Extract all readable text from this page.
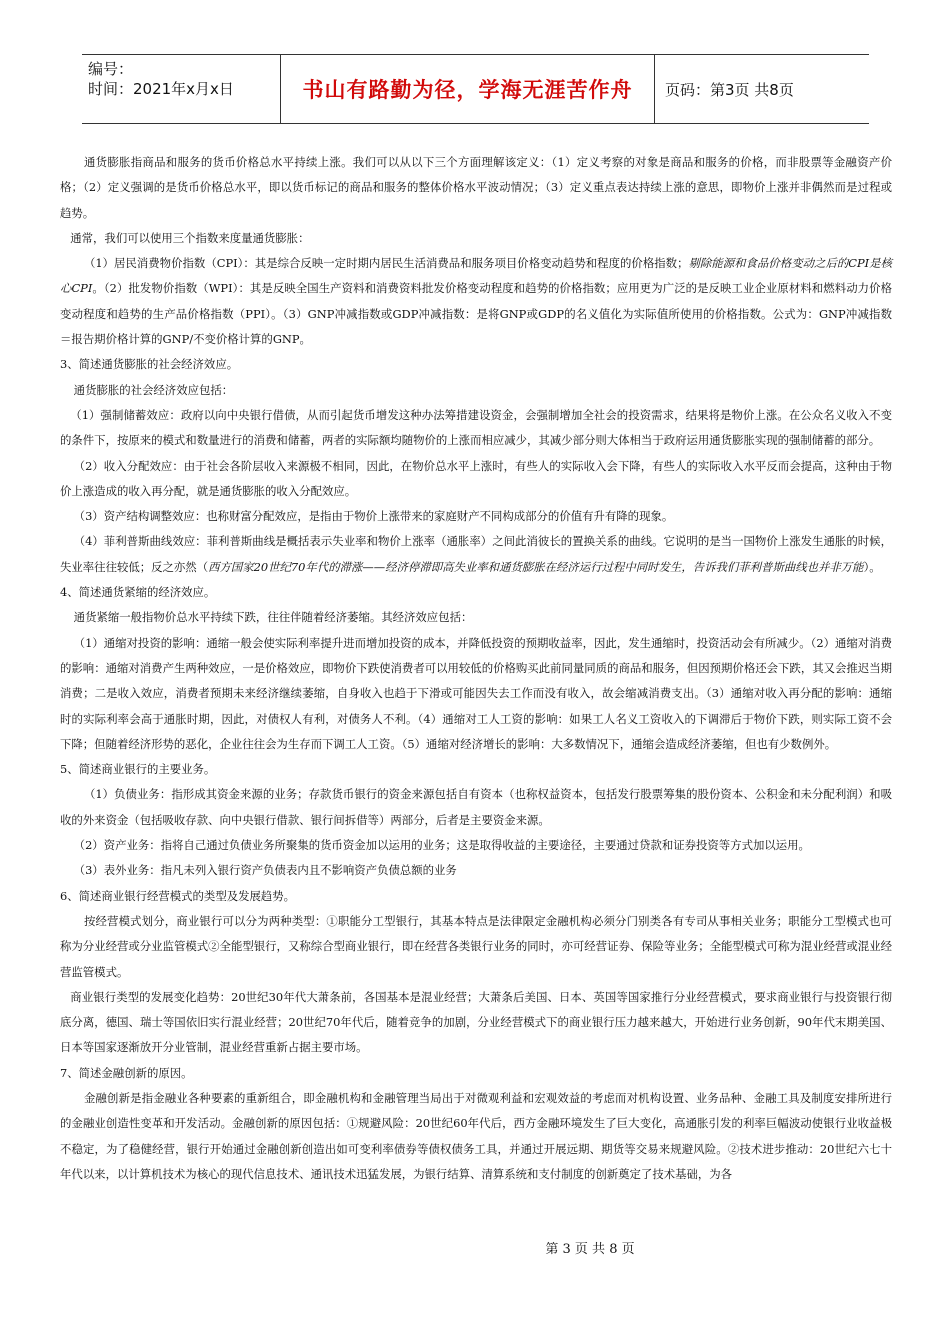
编号：
时间：2021年x月x日	书山有路勤为径，学海无涯苦作舟	页码：第3页 共8页

通货膨胀指商品和服务的货币价格总水平持续上涨。我们可以从以下三个方面理解该定义：（1）定义考察的对象是商品和服务的价格，而非股票等金融资产价格；（2）定义强调的是货币价格总水平，即以货币标记的商品和服务的整体价格水平波动情况；（3）定义重点表达持续上涨的意思，即物价上涨并非偶然而是过程或趋势。

通常，我们可以使用三个指数来度量通货膨胀：

（1）居民消费物价指数（CPI）：其是综合反映一定时期内居民生活消费品和服务项目价格变动趋势和程度的价格指数；剔除能源和食品价格变动之后的CPI是核心CPI。（2）批发物价指数（WPI）：其是反映全国生产资料和消费资料批发价格变动程度和趋势的价格指数；应用更为广泛的是反映工业企业原材料和燃料动力价格变动程度和趋势的生产品价格指数（PPI）。（3）GNP冲减指数或GDP冲减指数：是将GNP或GDP的名义值化为实际值所使用的价格指数。公式为：GNP冲减指数 ＝报告期价格计算的GNP/不变价格计算的GNP。

3、简述通货膨胀的社会经济效应。

通货膨胀的社会经济效应包括：

（1）强制储蓄效应：政府以向中央银行借债，从而引起货币增发这种办法筹措建设资金，会强制增加全社会的投资需求，结果将是物价上涨。在公众名义收入不变的条件下，按原来的模式和数量进行的消费和储蓄，两者的实际额均随物价的上涨而相应减少，其减少部分则大体相当于政府运用通货膨胀实现的强制储蓄的部分。

（2）收入分配效应：由于社会各阶层收入来源极不相同，因此，在物价总水平上涨时，有些人的实际收入会下降，有些人的实际收入水平反而会提高，这种由于物价上涨造成的收入再分配，就是通货膨胀的收入分配效应。

（3）资产结构调整效应：也称财富分配效应，是指由于物价上涨带来的家庭财产不同构成部分的价值有升有降的现象。

（4）菲利普斯曲线效应：菲利普斯曲线是概括表示失业率和物价上涨率（通胀率）之间此消彼长的置换关系的曲线。它说明的是当一国物价上涨发生通胀的时候，失业率往往较低；反之亦然（西方国家20世纪70年代的滞涨——经济停滞即高失业率和通货膨胀在经济运行过程中同时发生，告诉我们菲利普斯曲线也并非万能）。

4、简述通货紧缩的经济效应。

通货紧缩一般指物价总水平持续下跌，往往伴随着经济萎缩。其经济效应包括：

（1）通缩对投资的影响：通缩一般会使实际利率提升进而增加投资的成本，并降低投资的预期收益率，因此，发生通缩时，投资活动会有所减少。（2）通缩对消费的影响：通缩对消费产生两种效应，一是价格效应，即物价下跌使消费者可以用较低的价格购买此前同量同质的商品和服务，但因预期价格还会下跌，其又会推迟当期消费；二是收入效应，消费者预期未来经济继续萎缩，自身收入也趋于下滑或可能因失去工作而没有收入，故会缩减消费支出。（3）通缩对收入再分配的影响：通缩时的实际利率会高于通胀时期，因此，对债权人有利，对债务人不利。（4）通缩对工人工资的影响：如果工人名义工资收入的下调滞后于物价下跌，则实际工资不会下降；但随着经济形势的恶化，企业往往会为生存而下调工人工资。（5）通缩对经济增长的影响：大多数情况下，通缩会造成经济萎缩，但也有少数例外。

5、简述商业银行的主要业务。

（1）负债业务：指形成其资金来源的业务；存款货币银行的资金来源包括自有资本（也称权益资本，包括发行股票筹集的股份资本、公积金和未分配利润）和吸收的外来资金（包括吸收存款、向中央银行借款、银行间拆借等）两部分，后者是主要资金来源。

（2）资产业务：指将自己通过负债业务所聚集的货币资金加以运用的业务；这是取得收益的主要途径，主要通过贷款和证券投资等方式加以运用。

（3）表外业务：指凡未列入银行资产负债表内且不影响资产负债总额的业务

6、简述商业银行经营模式的类型及发展趋势。

按经营模式划分，商业银行可以分为两种类型：①职能分工型银行，其基本特点是法律限定金融机构必须分门别类各有专司从事相关业务；职能分工型模式也可称为分业经营或分业监管模式②全能型银行，又称综合型商业银行，即在经营各类银行业务的同时，亦可经营证券、保险等业务；全能型模式可称为混业经营或混业经营监管模式。

商业银行类型的发展变化趋势：20世纪30年代大萧条前，各国基本是混业经营；大萧条后美国、日本、英国等国家推行分业经营模式，要求商业银行与投资银行彻底分离，德国、瑞士等国依旧实行混业经营；20世纪70年代后，随着竞争的加剧，分业经营模式下的商业银行压力越来越大，开始进行业务创新，90年代末期美国、日本等国家逐渐放开分业管制，混业经营重新占据主要市场。

7、简述金融创新的原因。

金融创新是指金融业各种要素的重新组合，即金融机构和金融管理当局出于对微观利益和宏观效益的考虑而对机构设置、业务品种、金融工具及制度安排所进行的金融业创造性变革和开发活动。金融创新的原因包括：①规避风险：20世纪60年代后，西方金融环境发生了巨大变化，高通胀引发的利率巨幅波动使银行业收益极不稳定，为了稳健经营，银行开始通过金融创新创造出如可变利率债券等债权债务工具，并通过开展远期、期货等交易来规避风险。②技术进步推动：20世纪六七十年代以来，以计算机技术为核心的现代信息技术、通讯技术迅猛发展，为银行结算、清算系统和支付制度的创新奠定了技术基础，为各

第 3 页 共 8 页
